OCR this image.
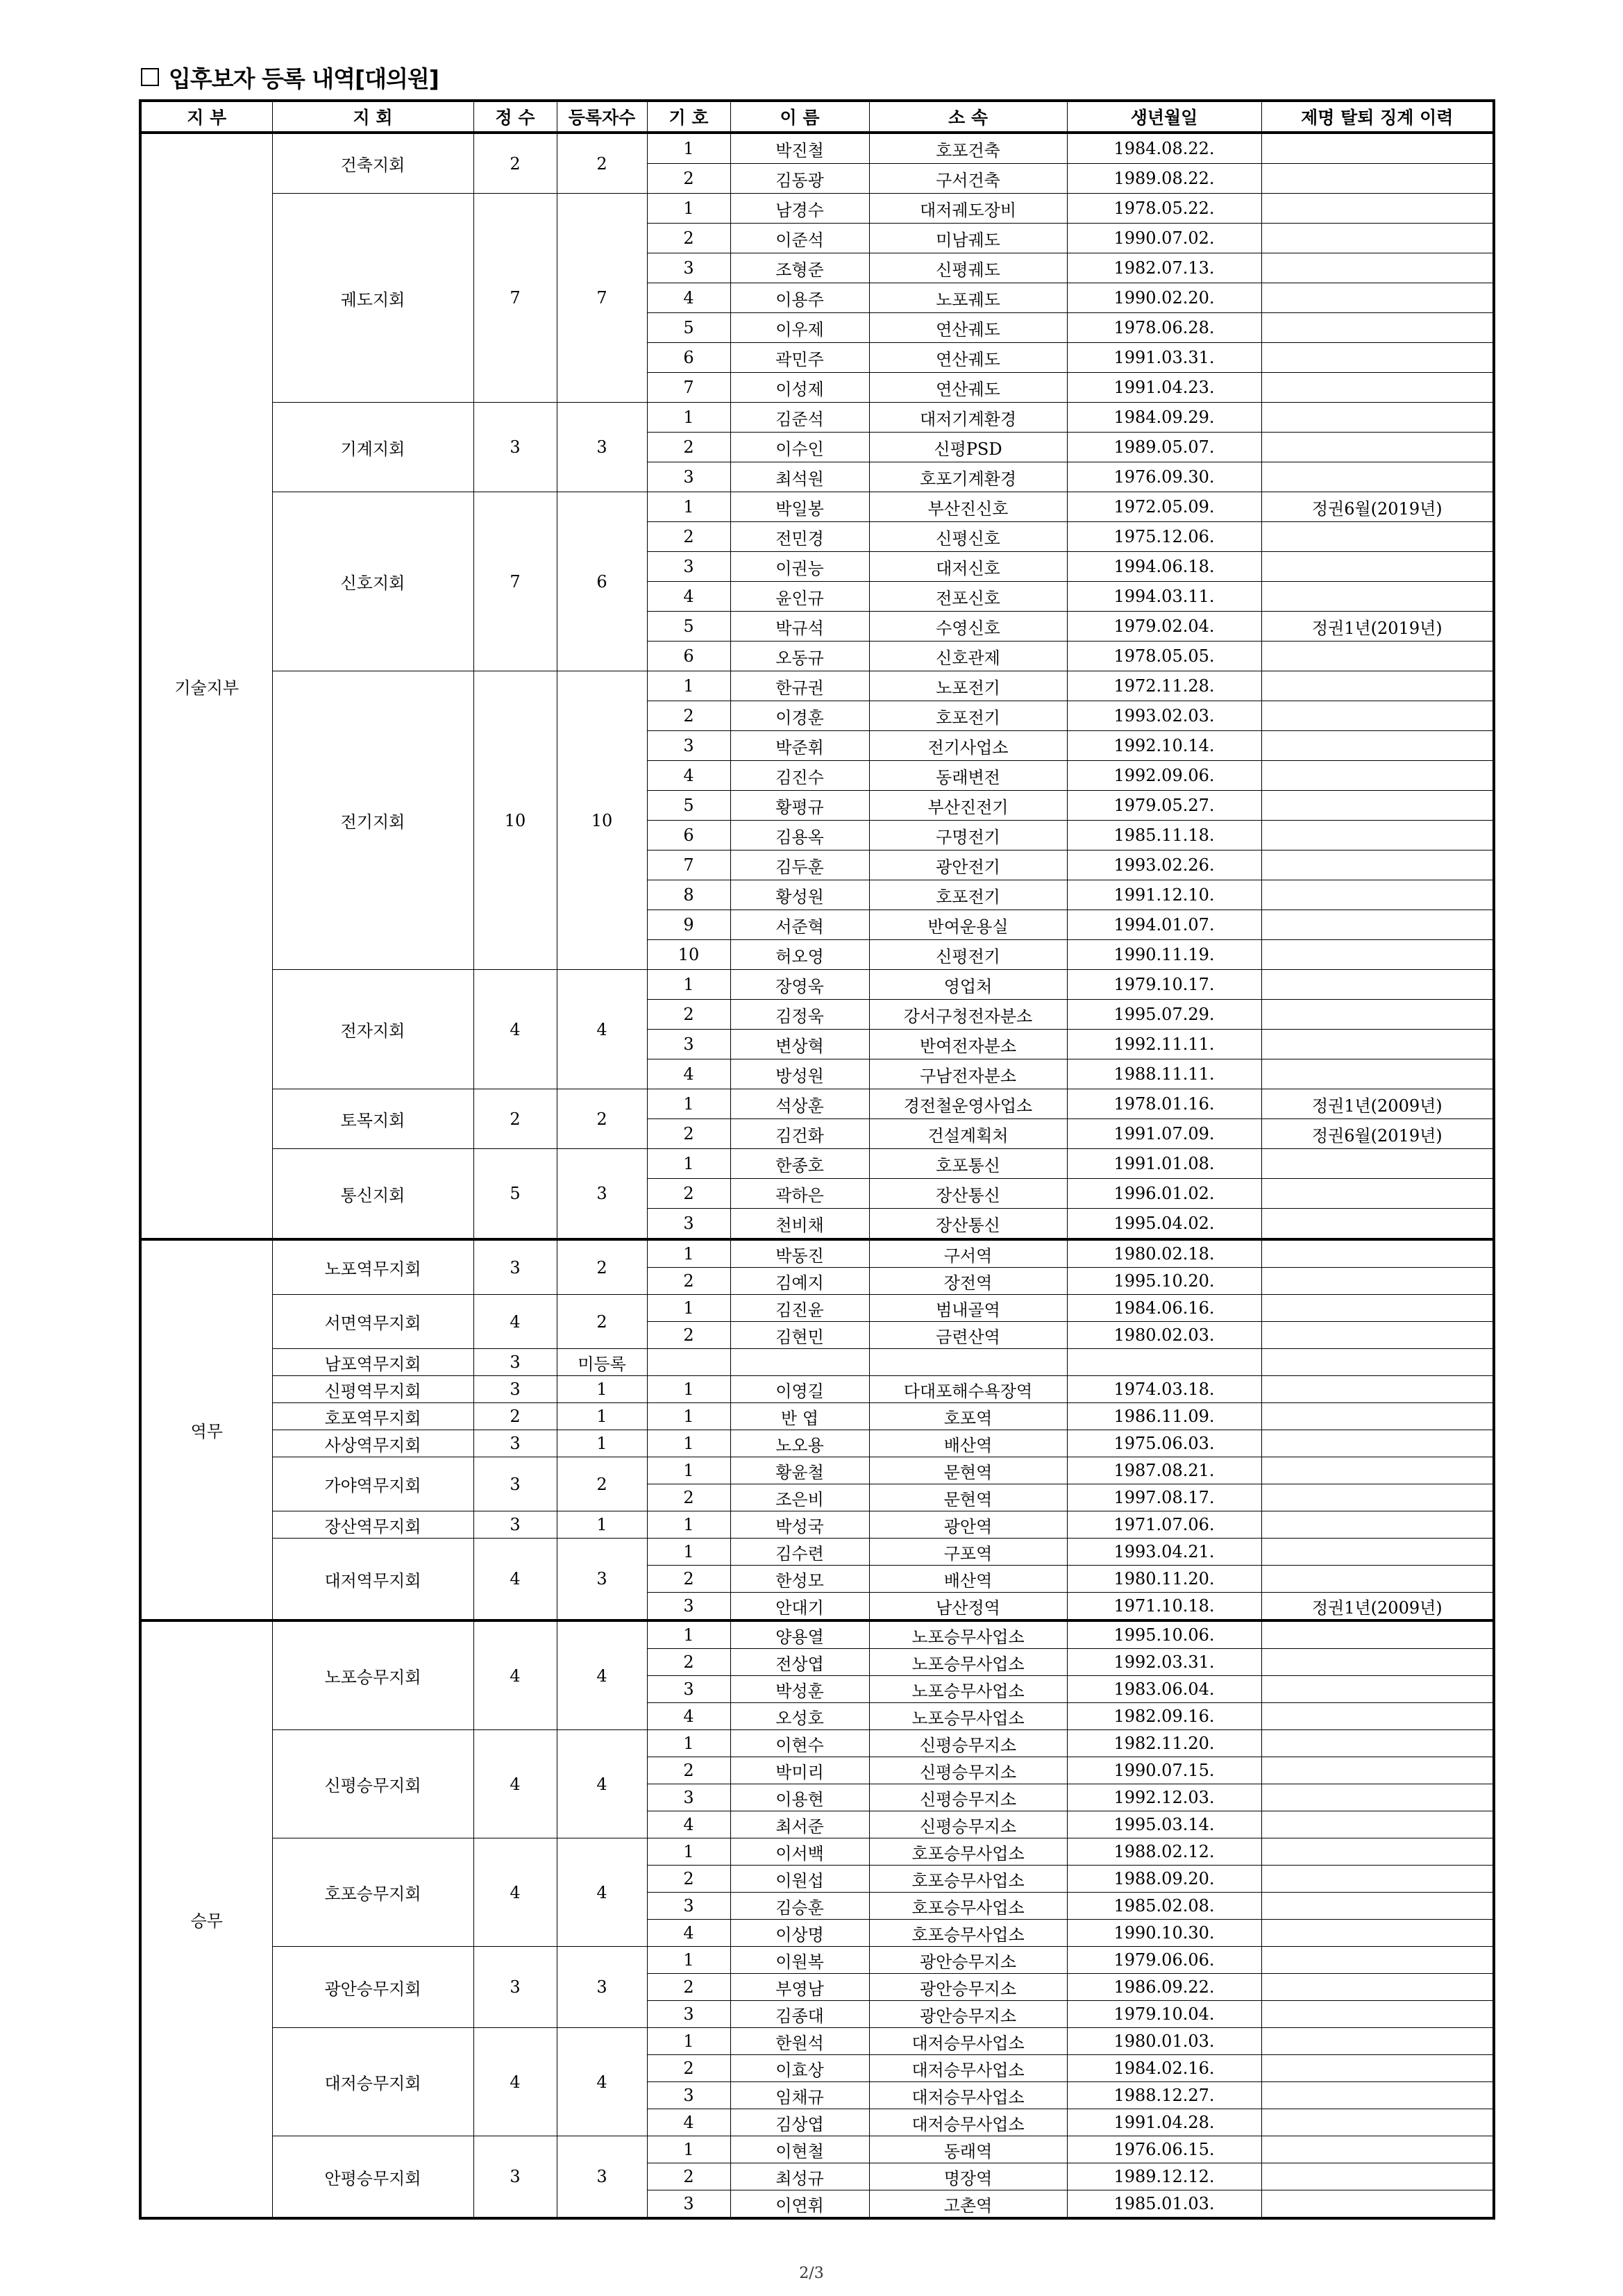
입후보자 등록 내역[대의원]
지 부	지 회	정 수	등록자수	기 호	이 름	소 속	생년월일	제명 탈퇴 징계 이력
기술지부	건축지회	2	2	1	박진철	호포건축	1984.08.22.	
				2	김동광	구서건축	1989.08.22.	
	궤도지회	7	7	1	남경수	대저궤도장비	1978.05.22.	
				2	이준석	미남궤도	1990.07.02.	
				3	조형준	신평궤도	1982.07.13.	
				4	이용주	노포궤도	1990.02.20.	
				5	이우제	연산궤도	1978.06.28.	
				6	곽민주	연산궤도	1991.03.31.	
				7	이성제	연산궤도	1991.04.23.	
	기계지회	3	3	1	김준석	대저기계환경	1984.09.29.	
				2	이수인	신평PSD	1989.05.07.	
				3	최석원	호포기계환경	1976.09.30.	
	신호지회	7	6	1	박일봉	부산진신호	1972.05.09.	정권6월(2019년)
				2	전민경	신평신호	1975.12.06.	
				3	이권능	대저신호	1994.06.18.	
				4	윤인규	전포신호	1994.03.11.	
				5	박규석	수영신호	1979.02.04.	정권1년(2019년)
				6	오동규	신호관제	1978.05.05.	
	전기지회	10	10	1	한규권	노포전기	1972.11.28.	
				2	이경훈	호포전기	1993.02.03.	
				3	박준휘	전기사업소	1992.10.14.	
				4	김진수	동래변전	1992.09.06.	
				5	황평규	부산진전기	1979.05.27.	
				6	김용옥	구명전기	1985.11.18.	
				7	김두훈	광안전기	1993.02.26.	
				8	황성원	호포전기	1991.12.10.	
				9	서준혁	반여운용실	1994.01.07.	
				10	허오영	신평전기	1990.11.19.	
	전자지회	4	4	1	장영욱	영업처	1979.10.17.	
				2	김정욱	강서구청전자분소	1995.07.29.	
				3	변상혁	반여전자분소	1992.11.11.	
				4	방성원	구남전자분소	1988.11.11.	
	토목지회	2	2	1	석상훈	경전철운영사업소	1978.01.16.	정권1년(2009년)
				2	김건화	건설계획처	1991.07.09.	정권6월(2019년)
	통신지회	5	3	1	한종호	호포통신	1991.01.08.	
				2	곽하은	장산통신	1996.01.02.	
				3	천비채	장산통신	1995.04.02.	
역무	노포역무지회	3	2	1	박동진	구서역	1980.02.18.	
				2	김예지	장전역	1995.10.20.	
	서면역무지회	4	2	1	김진윤	범내골역	1984.06.16.	
				2	김현민	금련산역	1980.02.03.	
	남포역무지회	3	미등록					
	신평역무지회	3	1	1	이영길	다대포해수욕장역	1974.03.18.	
	호포역무지회	2	1	1	반 엽	호포역	1986.11.09.	
	사상역무지회	3	1	1	노오용	배산역	1975.06.03.	
	가야역무지회	3	2	1	황윤철	문현역	1987.08.21.	
				2	조은비	문현역	1997.08.17.	
	장산역무지회	3	1	1	박성국	광안역	1971.07.06.	
	대저역무지회	4	3	1	김수련	구포역	1993.04.21.	
				2	한성모	배산역	1980.11.20.	
				3	안대기	남산정역	1971.10.18.	정권1년(2009년)
승무	노포승무지회	4	4	1	양용열	노포승무사업소	1995.10.06.	
				2	전상엽	노포승무사업소	1992.03.31.	
				3	박성훈	노포승무사업소	1983.06.04.	
				4	오성호	노포승무사업소	1982.09.16.	
	신평승무지회	4	4	1	이현수	신평승무지소	1982.11.20.	
				2	박미리	신평승무지소	1990.07.15.	
				3	이용현	신평승무지소	1992.12.03.	
				4	최서준	신평승무지소	1995.03.14.	
	호포승무지회	4	4	1	이서백	호포승무사업소	1988.02.12.	
				2	이원섭	호포승무사업소	1988.09.20.	
				3	김승훈	호포승무사업소	1985.02.08.	
				4	이상명	호포승무사업소	1990.10.30.	
	광안승무지회	3	3	1	이원복	광안승무지소	1979.06.06.	
				2	부영남	광안승무지소	1986.09.22.	
				3	김종대	광안승무지소	1979.10.04.	
	대저승무지회	4	4	1	한원석	대저승무사업소	1980.01.03.	
				2	이효상	대저승무사업소	1984.02.16.	
				3	임채규	대저승무사업소	1988.12.27.	
				4	김상엽	대저승무사업소	1991.04.28.	
	안평승무지회	3	3	1	이현철	동래역	1976.06.15.	
				2	최성규	명장역	1989.12.12.	
				3	이연휘	고촌역	1985.01.03.	
2/3
